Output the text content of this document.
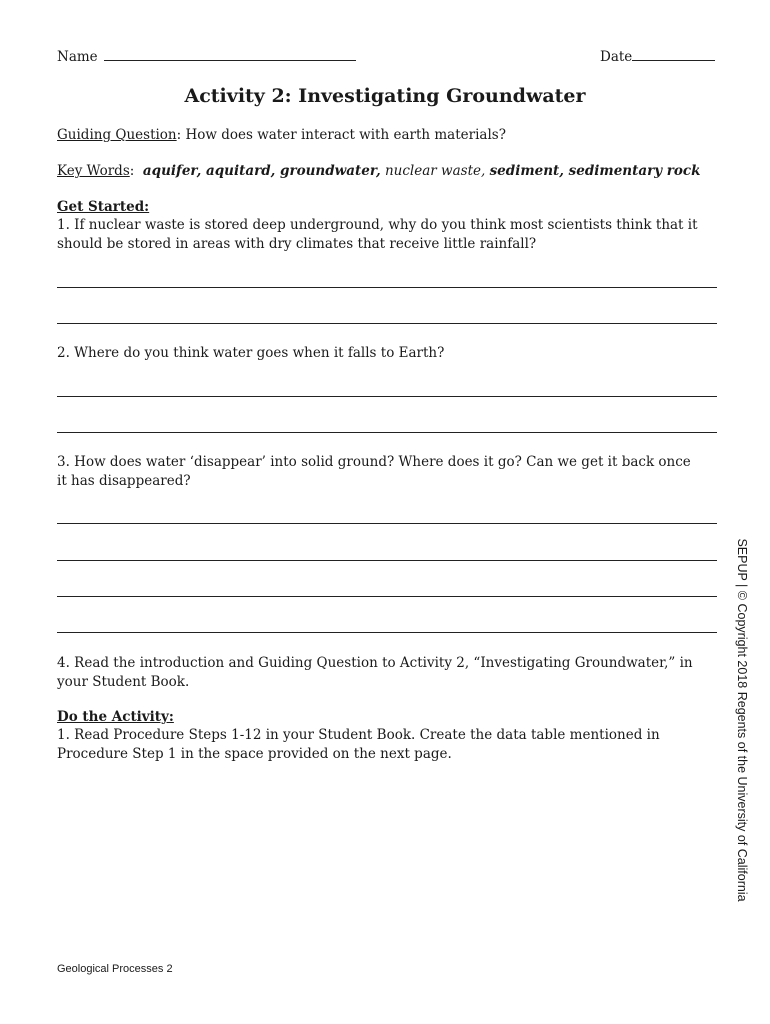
Name	Date
Activity 2: Investigating Groundwater
Guiding Question: How does water interact with earth materials?
Key Words: aquifer, aquitard, groundwater, nuclear waste, sediment, sedimentary rock
Get Started:
1. If nuclear waste is stored deep underground, why do you think most scientists think that it should be stored in areas with dry climates that receive little rainfall?
2. Where do you think water goes when it falls to Earth?
3. How does water ‘disappear’ into solid ground? Where does it go? Can we get it back once it has disappeared?
4. Read the introduction and Guiding Question to Activity 2, “Investigating Groundwater,” in your Student Book.
Do the Activity:
1. Read Procedure Steps 1-12 in your Student Book. Create the data table mentioned in Procedure Step 1 in the space provided on the next page.	SEPUP | © Copyright 2018 Regents of the University of California
Geological Processes 2
